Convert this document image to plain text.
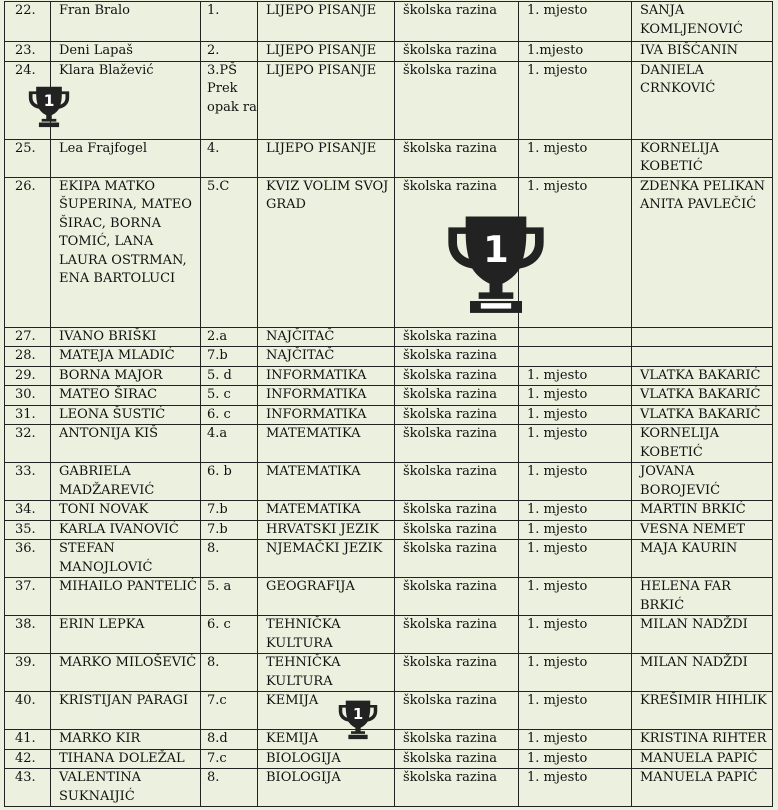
22.	Fran Bralo	1.	LIJEPO PISANJE	školska razina	1. mjesto	SANJA KOMLJENOVIĆ
23.	Deni Lapaš	2.	LIJEPO PISANJE	školska razina	1.mjesto	IVA BIŠĆANIN
24.	Klara Blažević	3.PŠ Prek opak ra	LIJEPO PISANJE	školska razina	1. mjesto	DANIELA CRNKOVIĆ
25.	Lea Frajfogel	4.	LIJEPO PISANJE	školska razina	1. mjesto	KORNELIJA KOBETIĆ
26.	EKIPA MATKO ŠUPERINA, MATEO ŠIRAC, BORNA TOMIĆ, LANA LAURA OSTRMAN, ENA BARTOLUCI	5.C	KVIZ VOLIM SVOJ GRAD	školska razina	1. mjesto	ZDENKA PELIKAN ANITA PAVLEČIĆ
27.	IVANO BRIŠKI	2.a	NAJČITAČ	školska razina		
28.	MATEJA MLADIĆ	7.b	NAJČITAČ	školska razina		
29.	BORNA MAJOR	5. d	INFORMATIKA	školska razina	1. mjesto	VLATKA BAKARIĆ
30.	MATEO ŠIRAC	5. c	INFORMATIKA	školska razina	1. mjesto	VLATKA BAKARIĆ
31.	LEONA ŠUSTIĆ	6. c	INFORMATIKA	školska razina	1. mjesto	VLATKA BAKARIĆ
32.	ANTONIJA KIŠ	4.a	MATEMATIKA	školska razina	1. mjesto	KORNELIJA KOBETIĆ
33.	GABRIELA MADŽAREVIĆ	6. b	MATEMATIKA	školska razina	1. mjesto	JOVANA BOROJEVIĆ
34.	TONI NOVAK	7.b	MATEMATIKA	školska razina	1. mjesto	MARTIN BRKIĆ
35.	KARLA IVANOVIĆ	7.b	HRVATSKI JEZIK	školska razina	1. mjesto	VESNA NEMET
36.	STEFAN MANOJLOVIĆ	8.	NJEMAČKI JEZIK	školska razina	1. mjesto	MAJA KAURIN
37.	MIHAILO PANTELIĆ	5. a	GEOGRAFIJA	školska razina	1. mjesto	HELENA FAR BRKIĆ
38.	ERIN LEPKA	6. c	TEHNIČKA KULTURA	školska razina	1. mjesto	MILAN NADŽDI
39.	MARKO MILOŠEVIĆ	8.	TEHNIČKA KULTURA	školska razina	1. mjesto	MILAN NADŽDI
40.	KRISTIJAN PARAGI	7.c	KEMIJA	školska razina	1. mjesto	KREŠIMIR HIHLIK
41.	MARKO KIR	8.d	KEMIJA	školska razina	1. mjesto	KRISTINA RIHTER
42.	TIHANA DOLEŽAL	7.c	BIOLOGIJA	školska razina	1. mjesto	MANUELA PAPIĆ
43.	VALENTINA SUKNAIJIĆ	8.	BIOLOGIJA	školska razina	1. mjesto	MANUELA PAPIĆ
1
1
1
